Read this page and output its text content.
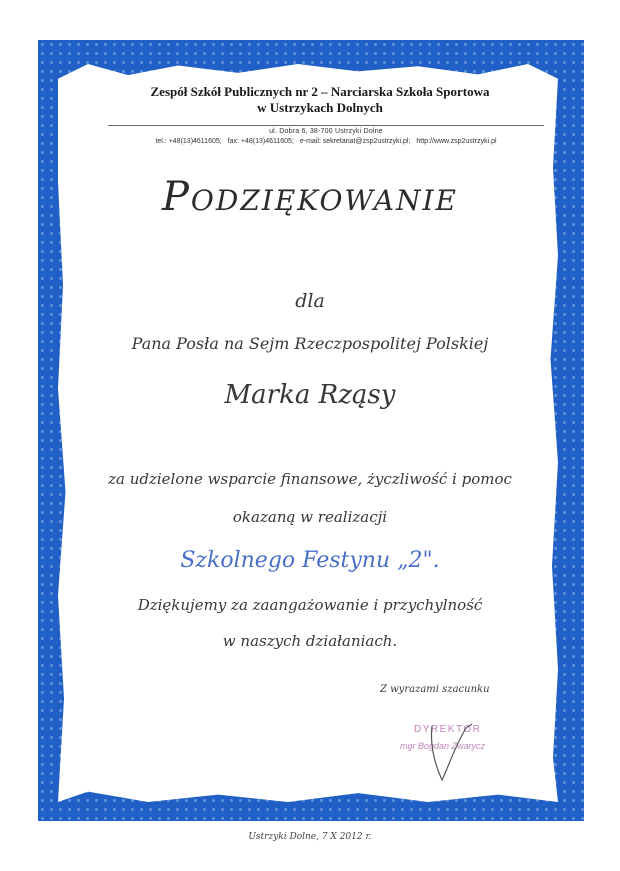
Zespół Szkół Publicznych nr 2 – Narciarska Szkoła Sportowa
w Ustrzykach Dolnych
ul. Dobra 6, 38-700 Ustrzyki Dolne
tel.: +48(13)4611605; fax: +48(13)4611605; e-mail: sekretariat@zsp2ustrzyki.pl; http://www.zsp2ustrzyki.pl
Podziękowanie
dla
Pana Posła na Sejm Rzeczpospolitej Polskiej
Marka Rząsy
za udzielone wsparcie finansowe, życzliwość i pomoc
okazaną w realizacji
Szkolnego Festynu „2".
Dziękujemy za zaangażowanie i przychylność
w naszych działaniach.
Z wyrazami szacunku
DYREKTOR
mgr Bogdan Zwarycz
Ustrzyki Dolne, 7 X 2012 r.
